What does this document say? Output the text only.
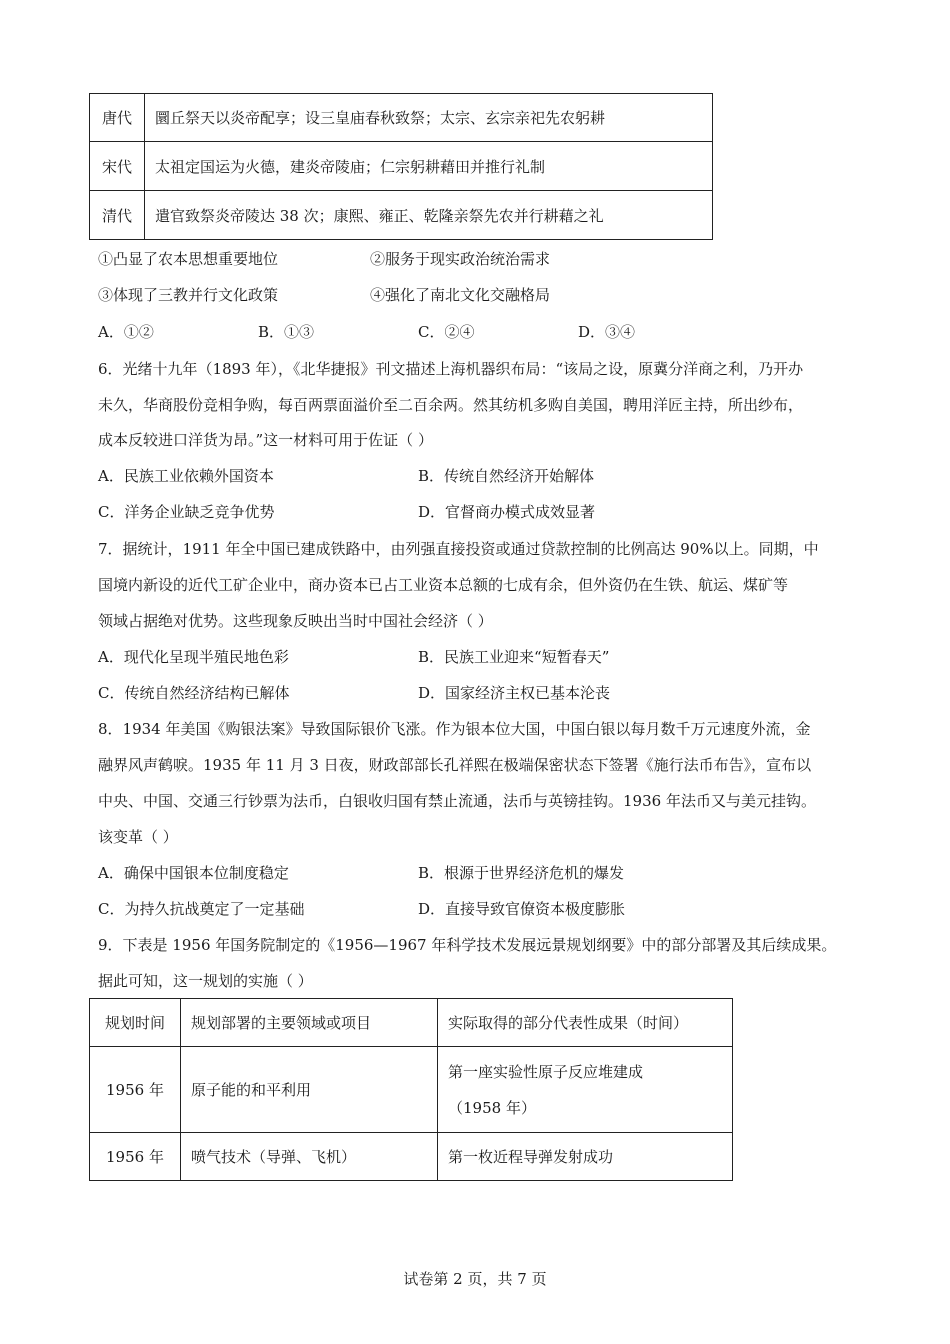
唐代	圜丘祭天以炎帝配享；设三皇庙春秋致祭；太宗、玄宗亲祀先农躬耕
宋代	太祖定国运为火德，建炎帝陵庙；仁宗躬耕藉田并推行礼制
清代	遣官致祭炎帝陵达 38 次；康熙、雍正、乾隆亲祭先农并行耕藉之礼
①凸显了农本思想重要地位	②服务于现实政治统治需求
③体现了三教并行文化政策	④强化了南北文化交融格局
A．①②	B．①③	C．②④	D．③④
6．光绪十九年（1893 年），《北华捷报》刊文描述上海机器织布局：“该局之设，原冀分洋商之利，乃开办
未久，华商股份竞相争购，每百两票面溢价至二百余两。然其纺机多购自美国，聘用洋匠主持，所出纱布，
成本反较进口洋货为昂。”这一材料可用于佐证（ ）
A．民族工业依赖外国资本	B．传统自然经济开始解体
C．洋务企业缺乏竞争优势	D．官督商办模式成效显著
7．据统计，1911 年全中国已建成铁路中，由列强直接投资或通过贷款控制的比例高达 90%以上。同期，中
国境内新设的近代工矿企业中，商办资本已占工业资本总额的七成有余，但外资仍在生铁、航运、煤矿等
领域占据绝对优势。这些现象反映出当时中国社会经济（ ）
A．现代化呈现半殖民地色彩	B．民族工业迎来“短暂春天”
C．传统自然经济结构已解体	D．国家经济主权已基本沦丧
8．1934 年美国《购银法案》导致国际银价飞涨。作为银本位大国，中国白银以每月数千万元速度外流，金
融界风声鹤唳。1935 年 11 月 3 日夜，财政部部长孔祥熙在极端保密状态下签署《施行法币布告》，宣布以
中央、中国、交通三行钞票为法币，白银收归国有禁止流通，法币与英镑挂钩。1936 年法币又与美元挂钩。
该变革（ ）
A．确保中国银本位制度稳定	B．根源于世界经济危机的爆发
C．为持久抗战奠定了一定基础	D．直接导致官僚资本极度膨胀
9．下表是 1956 年国务院制定的《1956—1967 年科学技术发展远景规划纲要》中的部分部署及其后续成果。
据此可知，这一规划的实施（ ）
规划时间	规划部署的主要领域或项目	实际取得的部分代表性成果（时间）
1956 年	原子能的和平利用	第一座实验性原子反应堆建成
（1958 年）

1956 年	喷气技术（导弹、飞机）	第一枚近程导弹发射成功
试卷第 2 页，共 7 页
